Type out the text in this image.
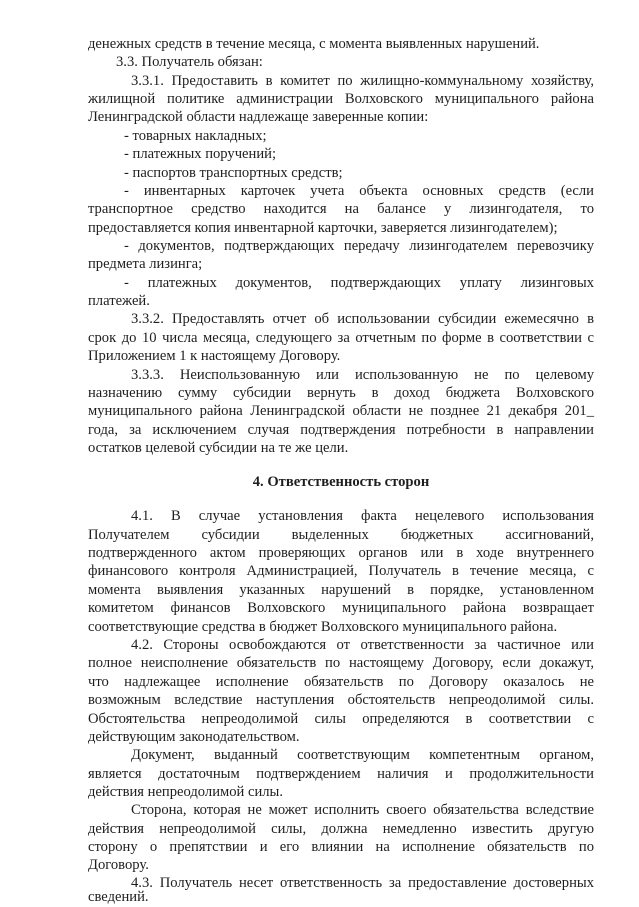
денежных средств в течение месяца, с момента выявленных нарушений.
3.3. Получатель обязан:
3.3.1. Предоставить в комитет по жилищно-коммунальному хозяйству,
жилищной политике администрации Волховского муниципального района
Ленинградской области надлежаще заверенные копии:
- товарных накладных;
- платежных поручений;
- паспортов транспортных средств;
- инвентарных карточек учета объекта основных средств (если
транспортное средство находится на балансе у лизингодателя, то
предоставляется копия инвентарной карточки, заверяется лизингодателем);
- документов, подтверждающих передачу лизингодателем перевозчику
предмета лизинга;
- платежных документов, подтверждающих уплату лизинговых
платежей.
3.3.2. Предоставлять отчет об использовании субсидии ежемесячно в
срок до 10 числа месяца, следующего за отчетным по форме в соответствии с
Приложением 1 к настоящему Договору.
3.3.3. Неиспользованную или использованную не по целевому
назначению сумму субсидии вернуть в доход бюджета Волховского
муниципального района Ленинградской области не позднее 21 декабря 201_
года, за исключением случая подтверждения потребности в направлении
остатков целевой субсидии на те же цели.
4. Ответственность сторон
4.1. В случае установления факта нецелевого использования
Получателем субсидии выделенных бюджетных ассигнований,
подтвержденного актом проверяющих органов или в ходе внутреннего
финансового контроля Администрацией, Получатель в течение месяца, с
момента выявления указанных нарушений в порядке, установленном
комитетом финансов Волховского муниципального района возвращает
соответствующие средства в бюджет Волховского муниципального района.
4.2. Стороны освобождаются от ответственности за частичное или
полное неисполнение обязательств по настоящему Договору, если докажут,
что надлежащее исполнение обязательств по Договору оказалось не
возможным вследствие наступления обстоятельств непреодолимой силы.
Обстоятельства непреодолимой силы определяются в соответствии с
действующим законодательством.
Документ, выданный соответствующим компетентным органом,
является достаточным подтверждением наличия и продолжительности
действия непреодолимой силы.
Сторона, которая не может исполнить своего обязательства вследствие
действия непреодолимой силы, должна немедленно известить другую
сторону о препятствии и его влиянии на исполнение обязательств по
Договору.
4.3. Получатель несет ответственность за предоставление достоверных
сведений.
